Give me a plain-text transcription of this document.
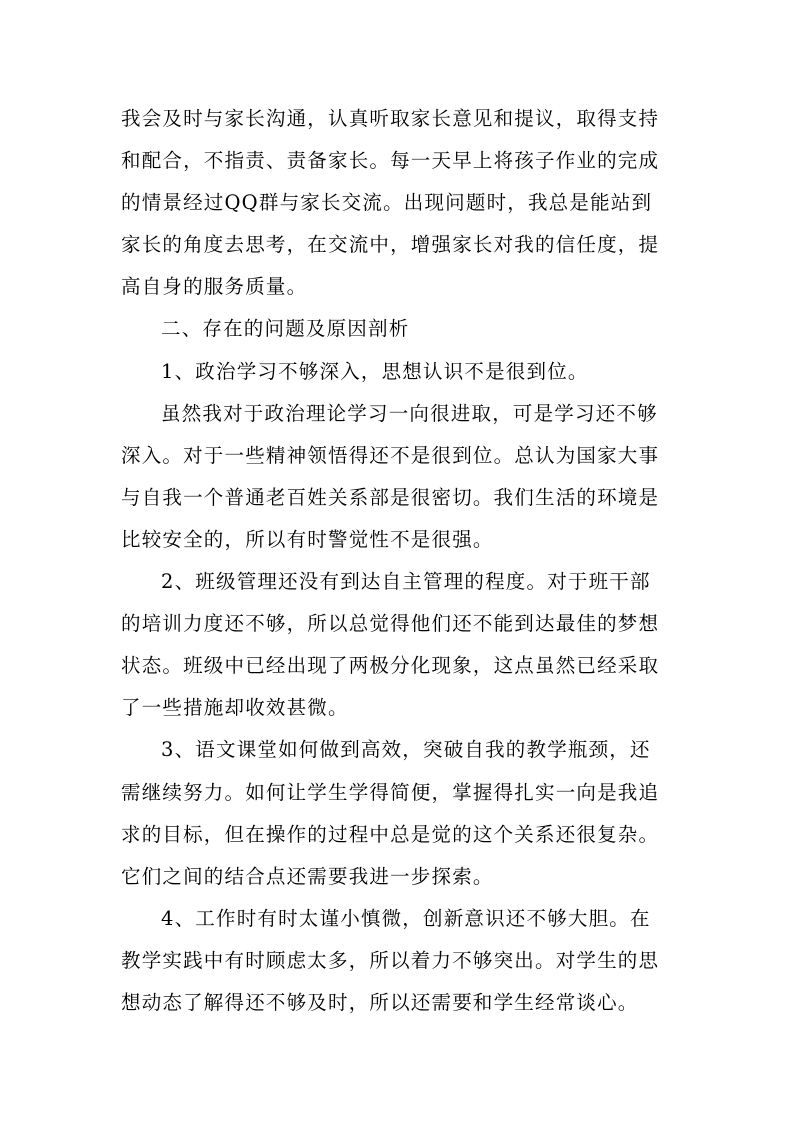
我会及时与家长沟通，认真听取家长意见和提议，取得支持
和配合，不指责、责备家长。每一天早上将孩子作业的完成
的情景经过QQ群与家长交流。出现问题时，我总是能站到
家长的角度去思考，在交流中，增强家长对我的信任度，提
高自身的服务质量。
二、存在的问题及原因剖析
1、政治学习不够深入，思想认识不是很到位。
虽然我对于政治理论学习一向很进取，可是学习还不够
深入。对于一些精神领悟得还不是很到位。总认为国家大事
与自我一个普通老百姓关系部是很密切。我们生活的环境是
比较安全的，所以有时警觉性不是很强。
2、班级管理还没有到达自主管理的程度。对于班干部
的培训力度还不够，所以总觉得他们还不能到达最佳的梦想
状态。班级中已经出现了两极分化现象，这点虽然已经采取
了一些措施却收效甚微。
3、语文课堂如何做到高效，突破自我的教学瓶颈，还
需继续努力。如何让学生学得简便，掌握得扎实一向是我追
求的目标，但在操作的过程中总是觉的这个关系还很复杂。
它们之间的结合点还需要我进一步探索。
4、工作时有时太谨小慎微，创新意识还不够大胆。在
教学实践中有时顾虑太多，所以着力不够突出。对学生的思
想动态了解得还不够及时，所以还需要和学生经常谈心。
